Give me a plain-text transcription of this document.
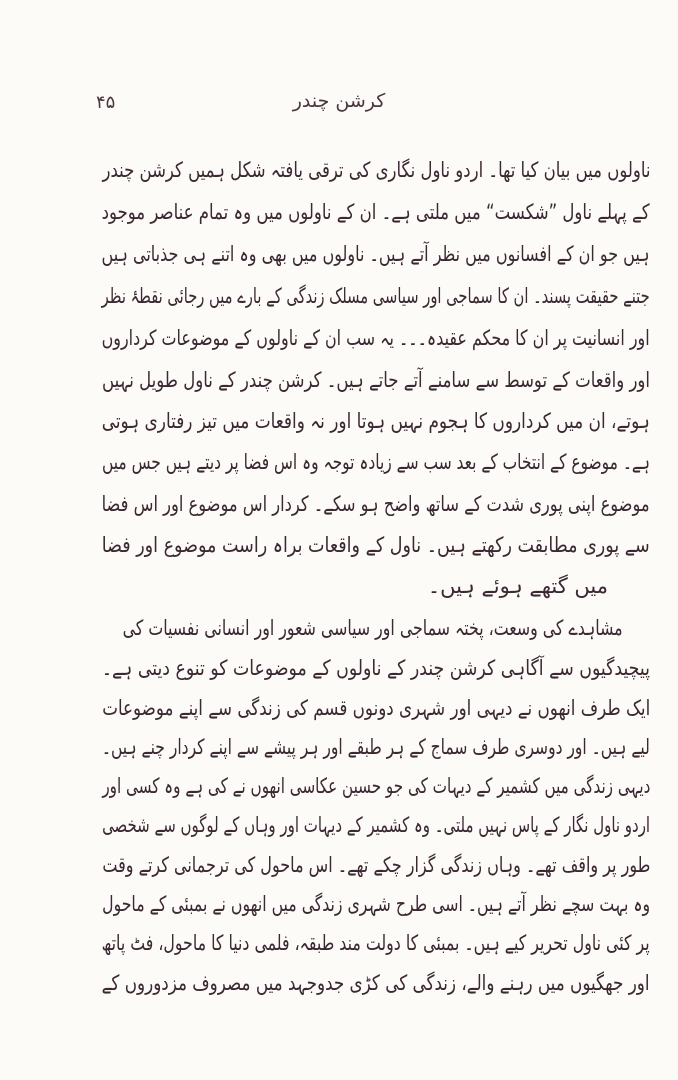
۴۵	کرشن چندر
ناولوں میں بیان کیا تھا۔ اردو ناول نگاری کی ترقی یافتہ شکل ہمیں کرشن چندر
کے پہلے ناول ”شکست“ میں ملتی ہے۔ ان کے ناولوں میں وہ تمام عناصر موجود
ہیں جو ان کے افسانوں میں نظر آتے ہیں۔ ناولوں میں بھی وہ اتنے ہی جذباتی ہیں
جتنے حقیقت پسند۔ ان کا سماجی اور سیاسی مسلک زندگی کے بارے میں رجائی نقطۂ نظر
اور انسانیت پر ان کا محکم عقیدہ۔۔۔ یہ سب ان کے ناولوں کے موضوعات کرداروں
اور واقعات کے توسط سے سامنے آتے جاتے ہیں۔ کرشن چندر کے ناول طویل نہیں
ہوتے، ان میں کرداروں کا ہجوم نہیں ہوتا اور نہ واقعات میں تیز رفتاری ہوتی
ہے۔ موضوع کے انتخاب کے بعد سب سے زیادہ توجہ وہ اس فضا پر دیتے ہیں جس میں
موضوع اپنی پوری شدت کے ساتھ واضح ہو سکے۔ کردار اس موضوع اور اس فضا
سے پوری مطابقت رکھتے ہیں۔ ناول کے واقعات براہ راست موضوع اور فضا
میں گتھے ہوئے ہیں۔
مشاہدے کی وسعت، پختہ سماجی اور سیاسی شعور اور انسانی نفسیات کی
پیچیدگیوں سے آگاہی کرشن چندر کے ناولوں کے موضوعات کو تنوع دیتی ہے۔
ایک طرف انھوں نے دیہی اور شہری دونوں قسم کی زندگی سے اپنے موضوعات
لیے ہیں۔ اور دوسری طرف سماج کے ہر طبقے اور ہر پیشے سے اپنے کردار چنے ہیں۔
دیہی زندگی میں کشمیر کے دیہات کی جو حسین عکاسی انھوں نے کی ہے وہ کسی اور
اردو ناول نگار کے پاس نہیں ملتی۔ وہ کشمیر کے دیہات اور وہاں کے لوگوں سے شخصی
طور پر واقف تھے۔ وہاں زندگی گزار چکے تھے۔ اس ماحول کی ترجمانی کرتے وقت
وہ بہت سچے نظر آتے ہیں۔ اسی طرح شہری زندگی میں انھوں نے بمبئی کے ماحول
پر کئی ناول تحریر کیے ہیں۔ بمبئی کا دولت مند طبقہ، فلمی دنیا کا ماحول، فٹ پاتھ
اور جھگیوں میں رہنے والے، زندگی کی کڑی جدوجہد میں مصروف مزدوروں کے
